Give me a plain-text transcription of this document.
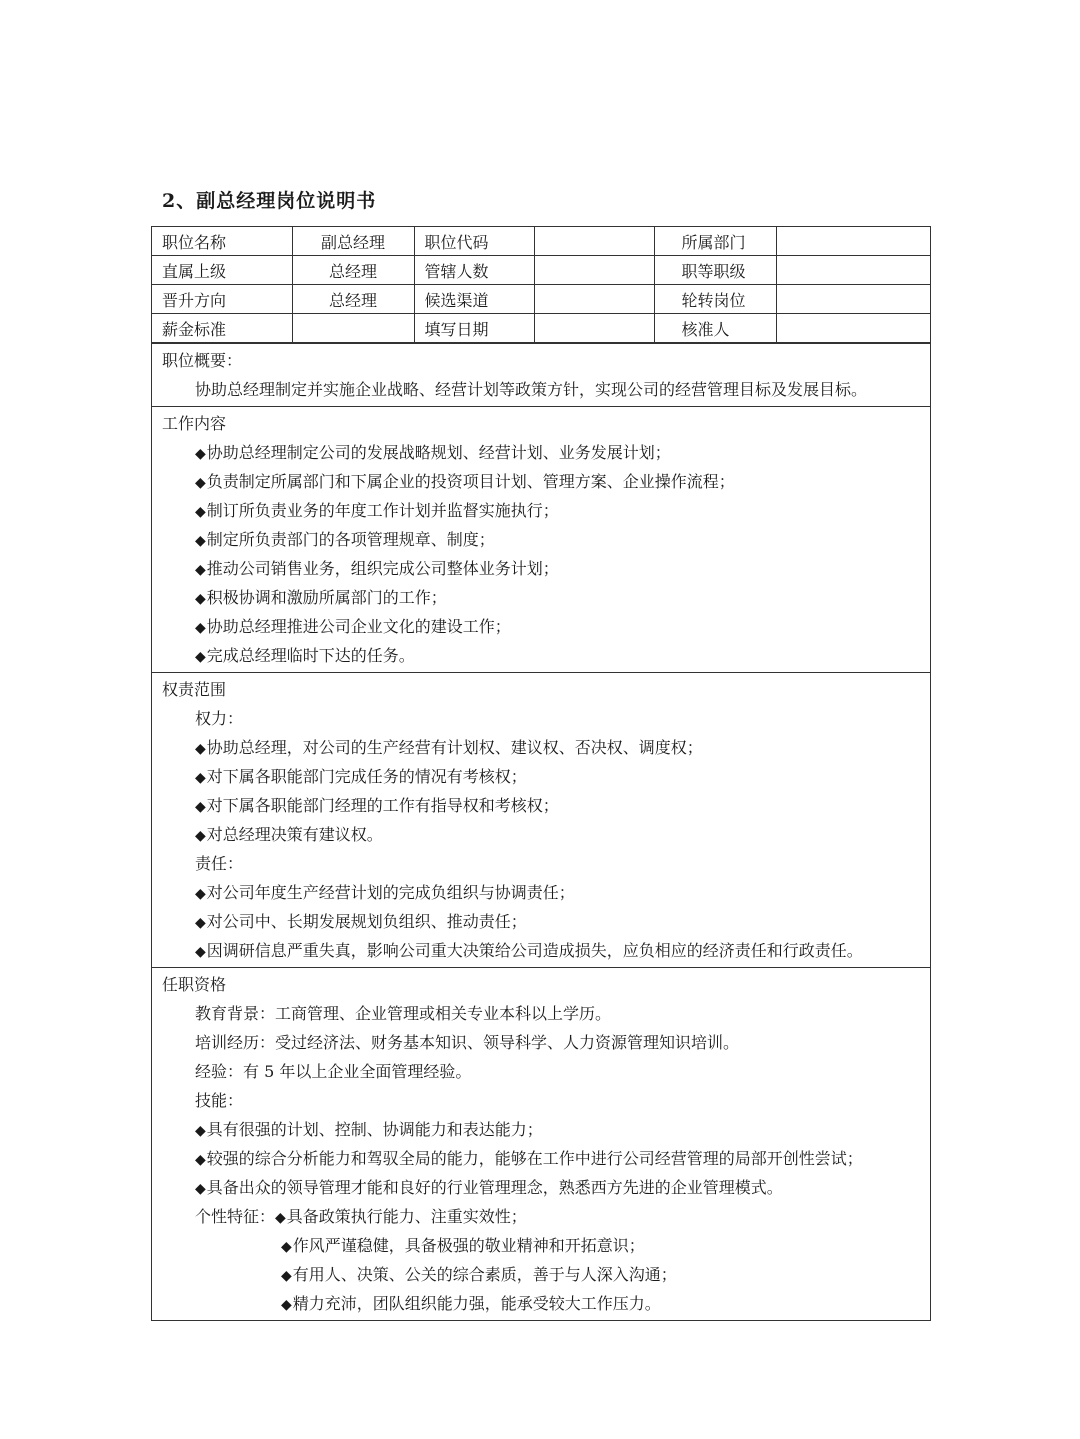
2、副总经理岗位说明书
职位名称	副总经理	职位代码		所属部门	
直属上级	总经理	管辖人数		职等职级	
晋升方向	总经理	候选渠道		轮转岗位	
薪金标准		填写日期		核准人	
职位概要：
协助总经理制定并实施企业战略、经营计划等政策方针，实现公司的经营管理目标及发展目标。
工作内容
◆协助总经理制定公司的发展战略规划、经营计划、业务发展计划；
◆负责制定所属部门和下属企业的投资项目计划、管理方案、企业操作流程；
◆制订所负责业务的年度工作计划并监督实施执行；
◆制定所负责部门的各项管理规章、制度；
◆推动公司销售业务，组织完成公司整体业务计划；
◆积极协调和激励所属部门的工作；
◆协助总经理推进公司企业文化的建设工作；
◆完成总经理临时下达的任务。
权责范围
权力：
◆协助总经理，对公司的生产经营有计划权、建议权、否决权、调度权；
◆对下属各职能部门完成任务的情况有考核权；
◆对下属各职能部门经理的工作有指导权和考核权；
◆对总经理决策有建议权。
责任：
◆对公司年度生产经营计划的完成负组织与协调责任；
◆对公司中、长期发展规划负组织、推动责任；
◆因调研信息严重失真，影响公司重大决策给公司造成损失，应负相应的经济责任和行政责任。
任职资格
教育背景：工商管理、企业管理或相关专业本科以上学历。
培训经历：受过经济法、财务基本知识、领导科学、人力资源管理知识培训。
经验：有 5 年以上企业全面管理经验。
技能：
◆具有很强的计划、控制、协调能力和表达能力；
◆较强的综合分析能力和驾驭全局的能力，能够在工作中进行公司经营管理的局部开创性尝试；
◆具备出众的领导管理才能和良好的行业管理理念，熟悉西方先进的企业管理模式。
个性特征：◆具备政策执行能力、注重实效性；
◆作风严谨稳健，具备极强的敬业精神和开拓意识；
◆有用人、决策、公关的综合素质，善于与人深入沟通；
◆精力充沛，团队组织能力强，能承受较大工作压力。
